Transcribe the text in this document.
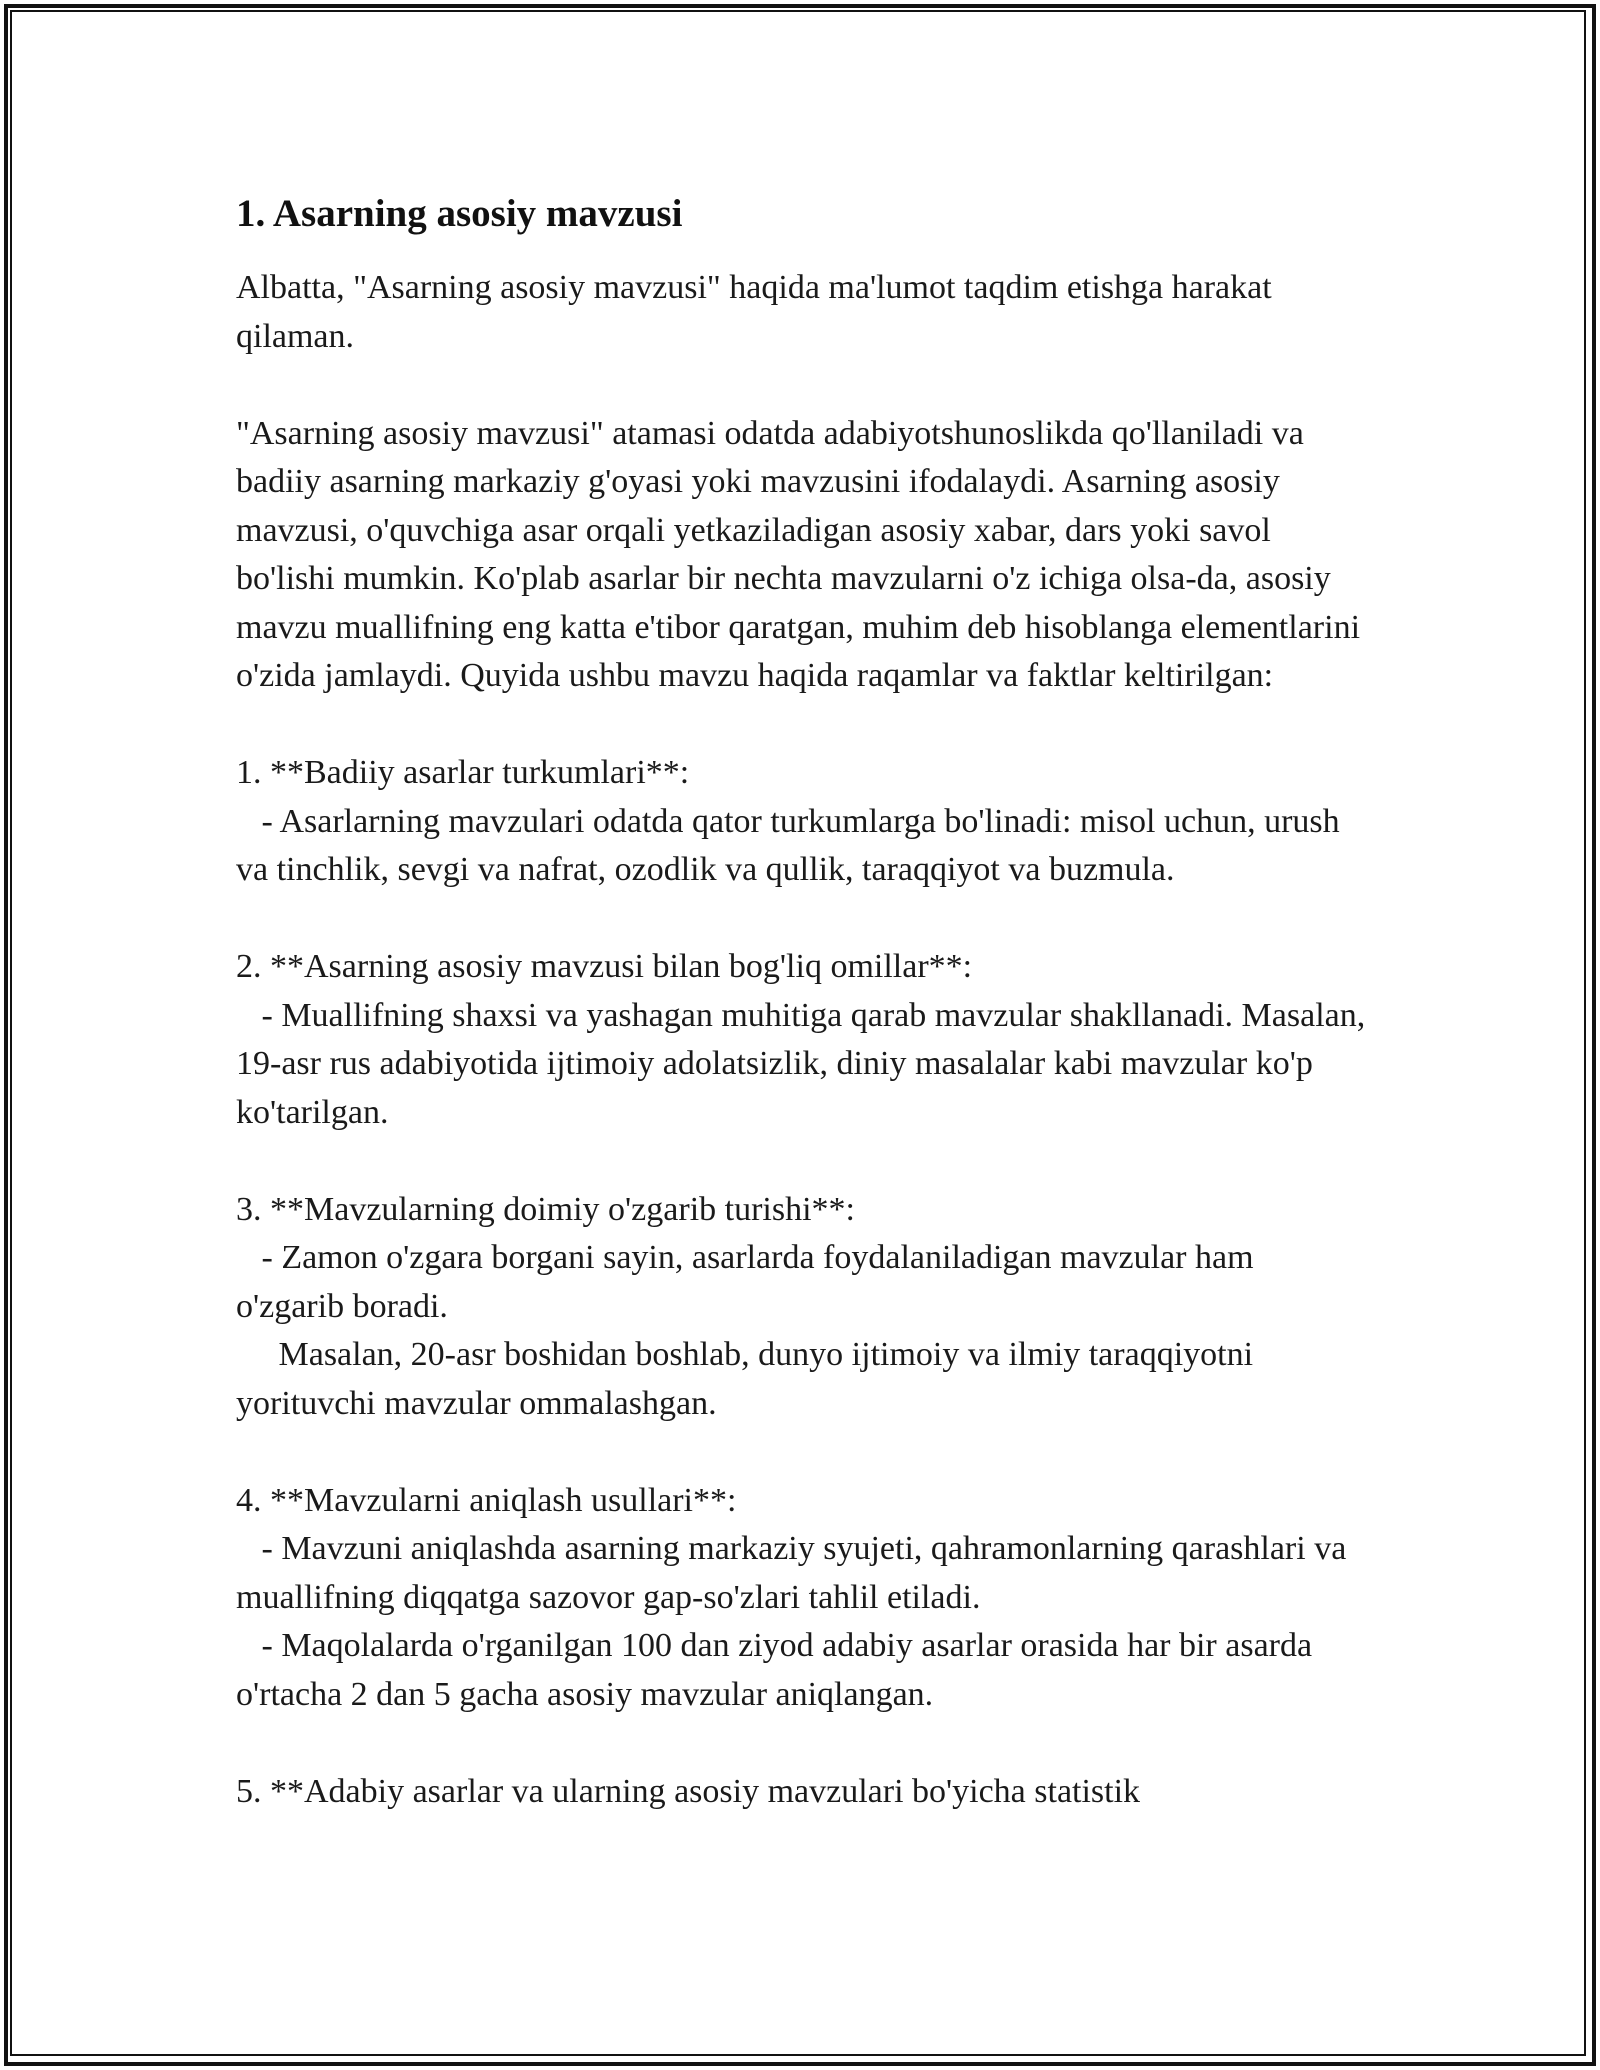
1. Asarning asosiy mavzusi

Albatta, "Asarning asosiy mavzusi" haqida ma'lumot taqdim etishga harakat qilaman.

"Asarning asosiy mavzusi" atamasi odatda adabiyotshunoslikda qo'llaniladi va badiiy asarning markaziy g'oyasi yoki mavzusini ifodalaydi. Asarning asosiy mavzusi, o'quvchiga asar orqali yetkaziladigan asosiy xabar, dars yoki savol bo'lishi mumkin. Ko'plab asarlar bir nechta mavzularni o'z ichiga olsa-da, asosiy mavzu muallifning eng katta e'tibor qaratgan, muhim deb hisoblanga elementlarini o'zida jamlaydi. Quyida ushbu mavzu haqida raqamlar va faktlar keltirilgan:

1. **Badiiy asarlar turkumlari**:
- Asarlarning mavzulari odatda qator turkumlarga bo'linadi: misol uchun, urush va tinchlik, sevgi va nafrat, ozodlik va qullik, taraqqiyot va buzmula.

2. **Asarning asosiy mavzusi bilan bog'liq omillar**:
- Muallifning shaxsi va yashagan muhitiga qarab mavzular shakllanadi. Masalan, 19-asr rus adabiyotida ijtimoiy adolatsizlik, diniy masalalar kabi mavzular ko'p ko'tarilgan.

3. **Mavzularning doimiy o'zgarib turishi**:
- Zamon o'zgara borgani sayin, asarlarda foydalaniladigan mavzular ham o'zgarib boradi.
Masalan, 20-asr boshidan boshlab, dunyo ijtimoiy va ilmiy taraqqiyotni yorituvchi mavzular ommalashgan.

4. **Mavzularni aniqlash usullari**:
- Mavzuni aniqlashda asarning markaziy syujeti, qahramonlarning qarashlari va muallifning diqqatga sazovor gap-so'zlari tahlil etiladi.
- Maqolalarda o'rganilgan 100 dan ziyod adabiy asarlar orasida har bir asarda o'rtacha 2 dan 5 gacha asosiy mavzular aniqlangan.

5. **Adabiy asarlar va ularning asosiy mavzulari bo'yicha statistik
